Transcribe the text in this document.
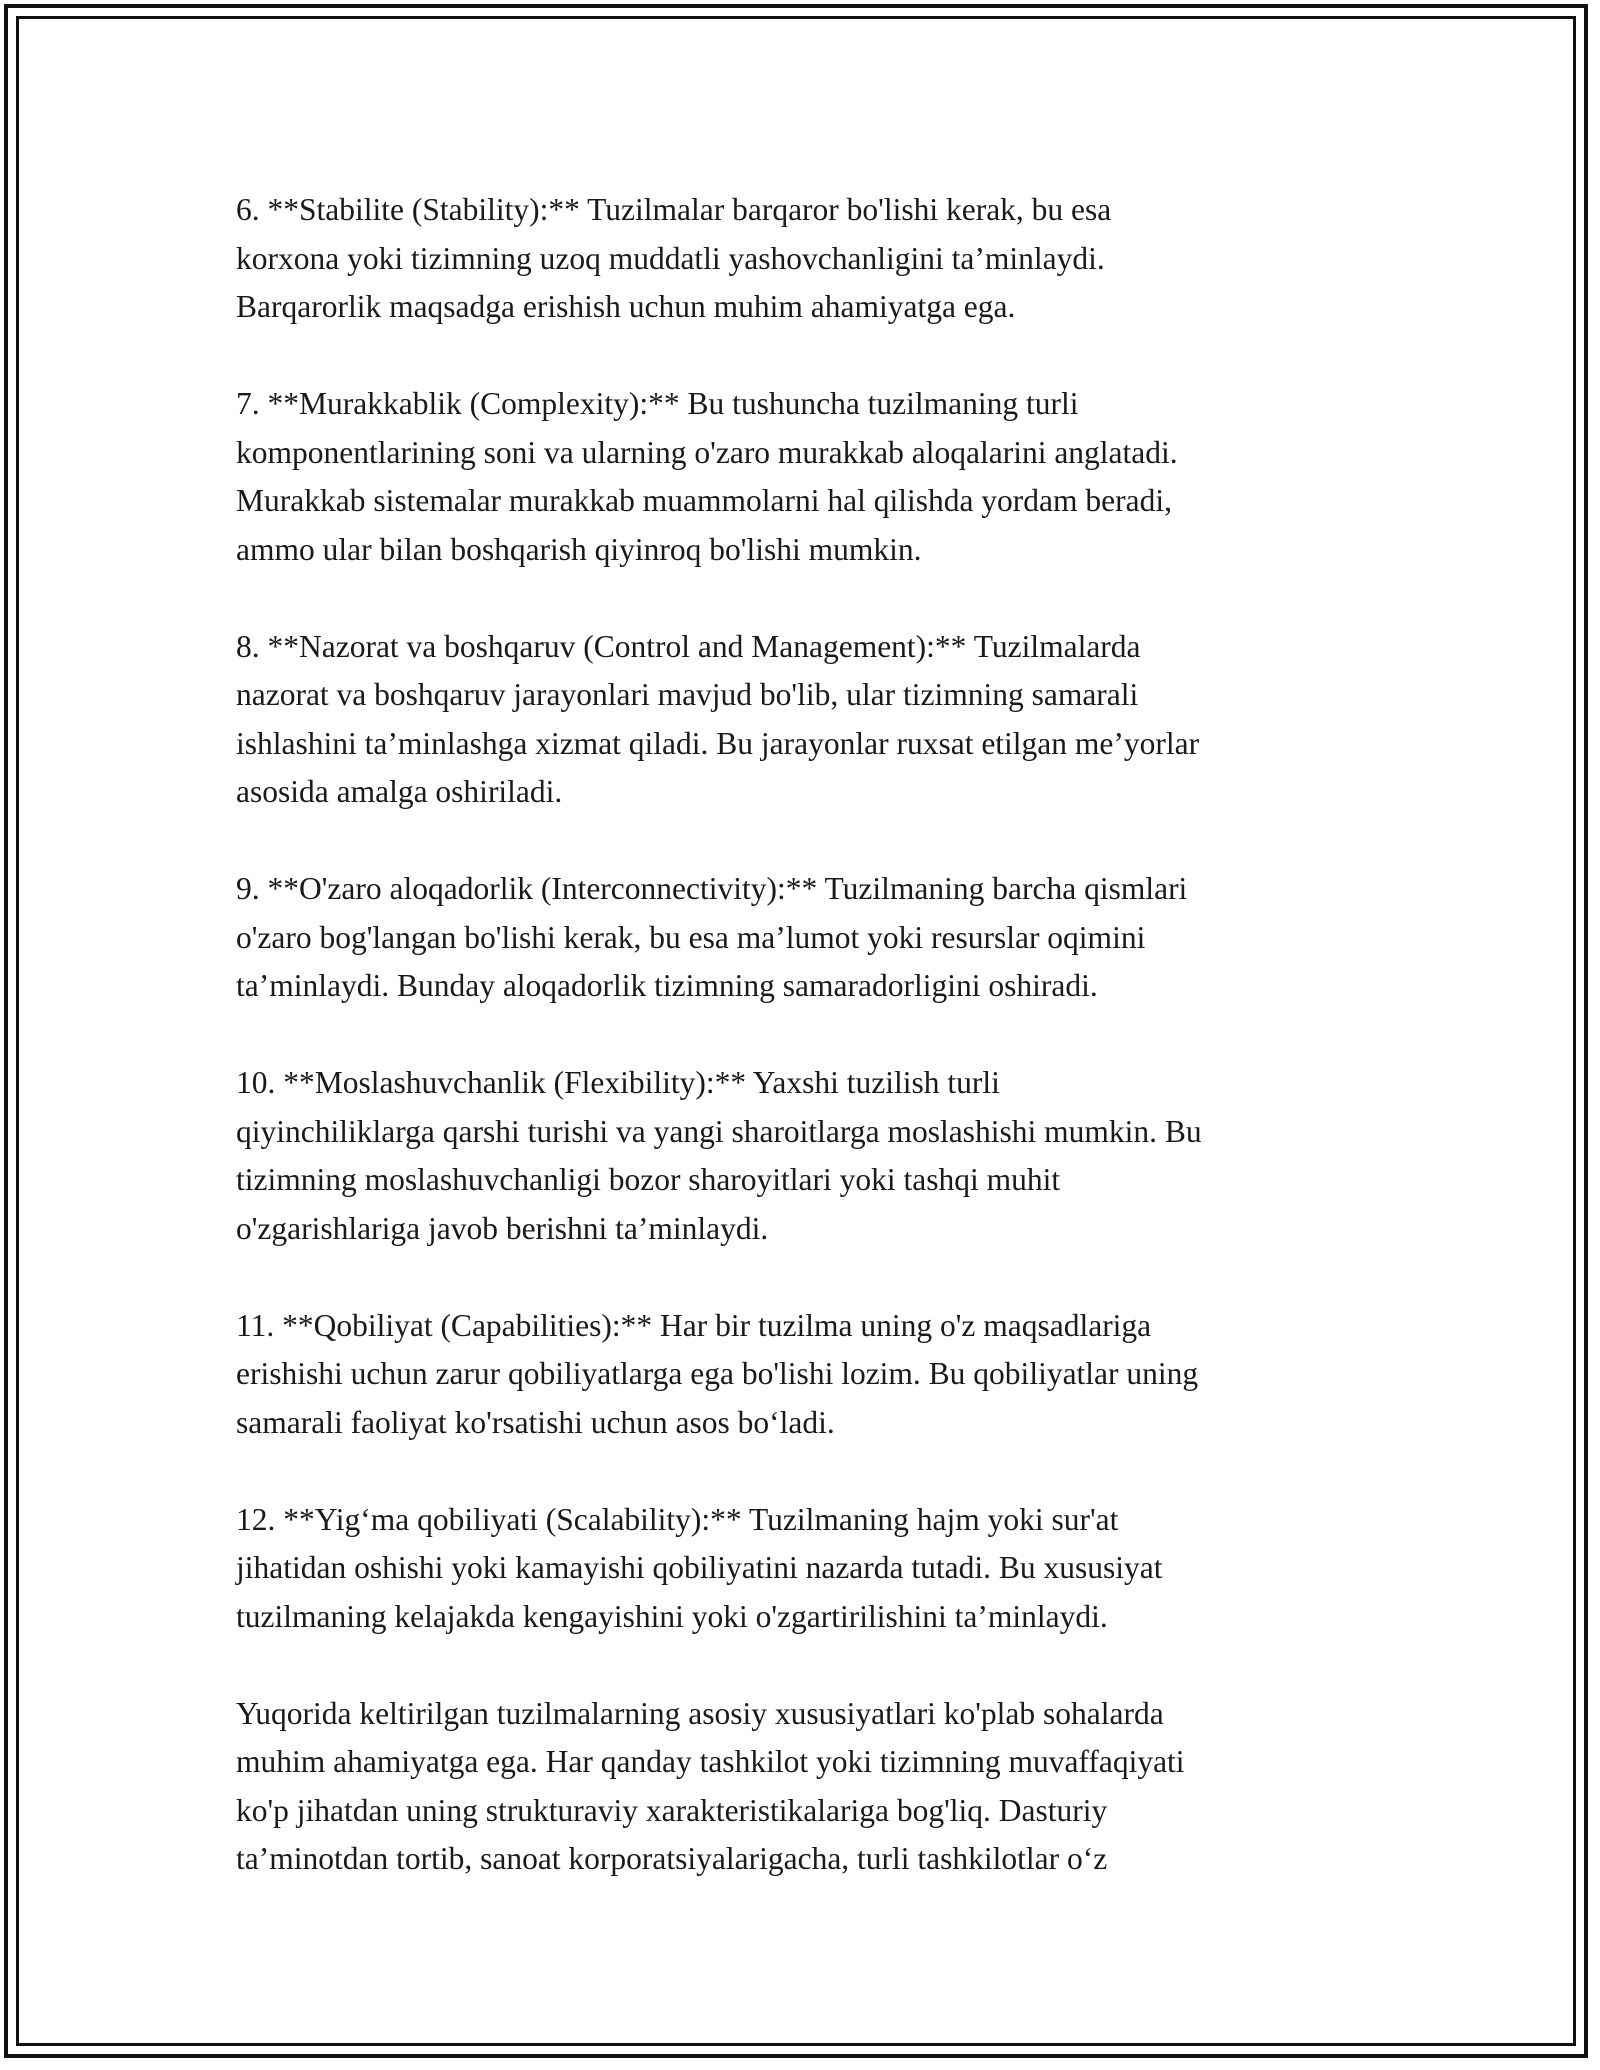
6. **Stabilite (Stability):** Tuzilmalar barqaror bo'lishi kerak, bu esa
korxona yoki tizimning uzoq muddatli yashovchanligini ta’minlaydi.
Barqarorlik maqsadga erishish uchun muhim ahamiyatga ega.

7. **Murakkablik (Complexity):** Bu tushuncha tuzilmaning turli
komponentlarining soni va ularning o'zaro murakkab aloqalarini anglatadi.
Murakkab sistemalar murakkab muammolarni hal qilishda yordam beradi,
ammo ular bilan boshqarish qiyinroq bo'lishi mumkin.

8. **Nazorat va boshqaruv (Control and Management):** Tuzilmalarda
nazorat va boshqaruv jarayonlari mavjud bo'lib, ular tizimning samarali
ishlashini ta’minlashga xizmat qiladi. Bu jarayonlar ruxsat etilgan me’yorlar
asosida amalga oshiriladi.

9. **O'zaro aloqadorlik (Interconnectivity):** Tuzilmaning barcha qismlari
o'zaro bog'langan bo'lishi kerak, bu esa ma’lumot yoki resurslar oqimini
ta’minlaydi. Bunday aloqadorlik tizimning samaradorligini oshiradi.

10. **Moslashuvchanlik (Flexibility):** Yaxshi tuzilish turli
qiyinchiliklarga qarshi turishi va yangi sharoitlarga moslashishi mumkin. Bu
tizimning moslashuvchanligi bozor sharoyitlari yoki tashqi muhit
o'zgarishlariga javob berishni ta’minlaydi.

11. **Qobiliyat (Capabilities):** Har bir tuzilma uning o'z maqsadlariga
erishishi uchun zarur qobiliyatlarga ega bo'lishi lozim. Bu qobiliyatlar uning
samarali faoliyat ko'rsatishi uchun asos bo‘ladi.

12. **Yig‘ma qobiliyati (Scalability):** Tuzilmaning hajm yoki sur'at
jihatidan oshishi yoki kamayishi qobiliyatini nazarda tutadi. Bu xususiyat
tuzilmaning kelajakda kengayishini yoki o'zgartirilishini ta’minlaydi.

Yuqorida keltirilgan tuzilmalarning asosiy xususiyatlari ko'plab sohalarda
muhim ahamiyatga ega. Har qanday tashkilot yoki tizimning muvaffaqiyati
ko'p jihatdan uning strukturaviy xarakteristikalariga bog'liq. Dasturiy
ta’minotdan tortib, sanoat korporatsiyalarigacha, turli tashkilotlar o‘z
